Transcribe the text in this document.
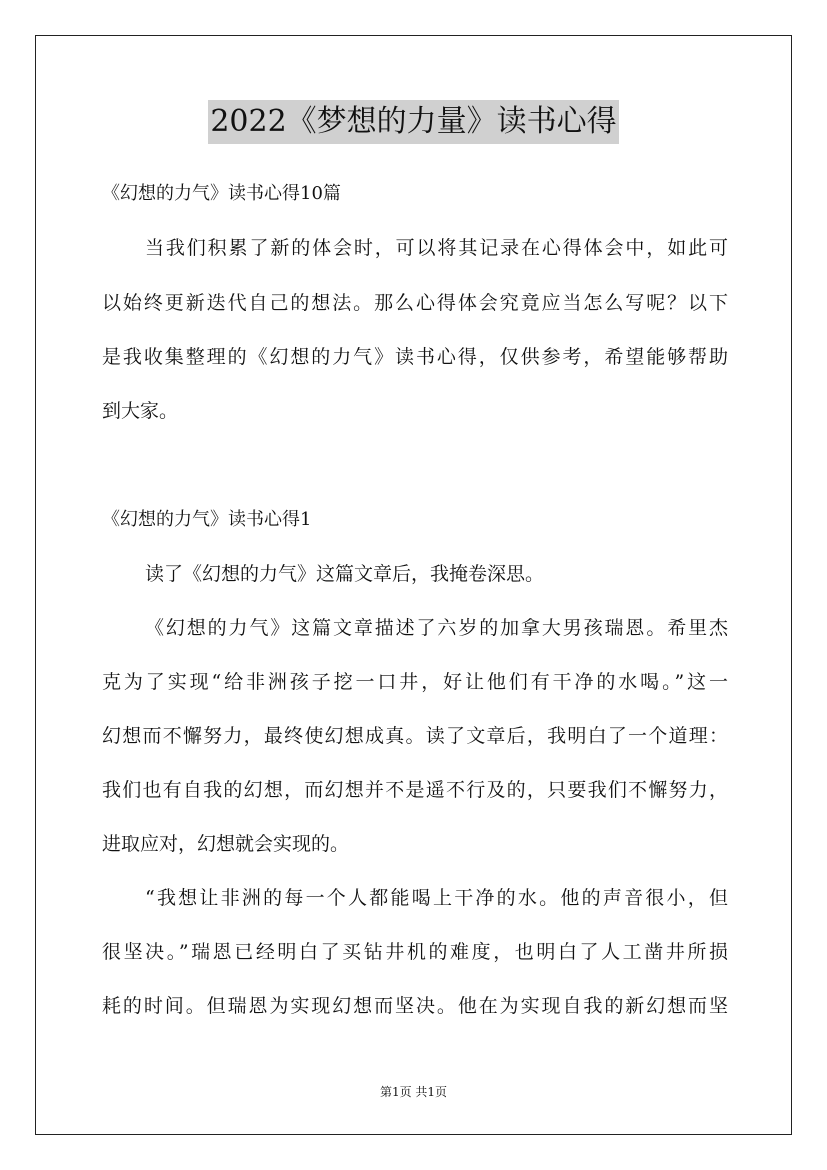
2022《梦想的力量》读书心得
《幻想的力气》读书心得10篇
当我们积累了新的体会时，可以将其记录在心得体会中，如此可
以始终更新迭代自己的想法。那么心得体会究竟应当怎么写呢？以下
是我收集整理的《幻想的力气》读书心得，仅供参考，希望能够帮助
到大家。
《幻想的力气》读书心得1
读了《幻想的力气》这篇文章后，我掩卷深思。
《幻想的力气》这篇文章描述了六岁的加拿大男孩瑞恩。希里杰
克为了实现“给非洲孩子挖一口井，好让他们有干净的水喝。”这一
幻想而不懈努力，最终使幻想成真。读了文章后，我明白了一个道理：
我们也有自我的幻想，而幻想并不是遥不行及的，只要我们不懈努力，
进取应对，幻想就会实现的。
“我想让非洲的每一个人都能喝上干净的水。他的声音很小，但
很坚决。”瑞恩已经明白了买钻井机的难度，也明白了人工凿井所损
耗的时间。但瑞恩为实现幻想而坚决。他在为实现自我的新幻想而坚
第1页 共1页
